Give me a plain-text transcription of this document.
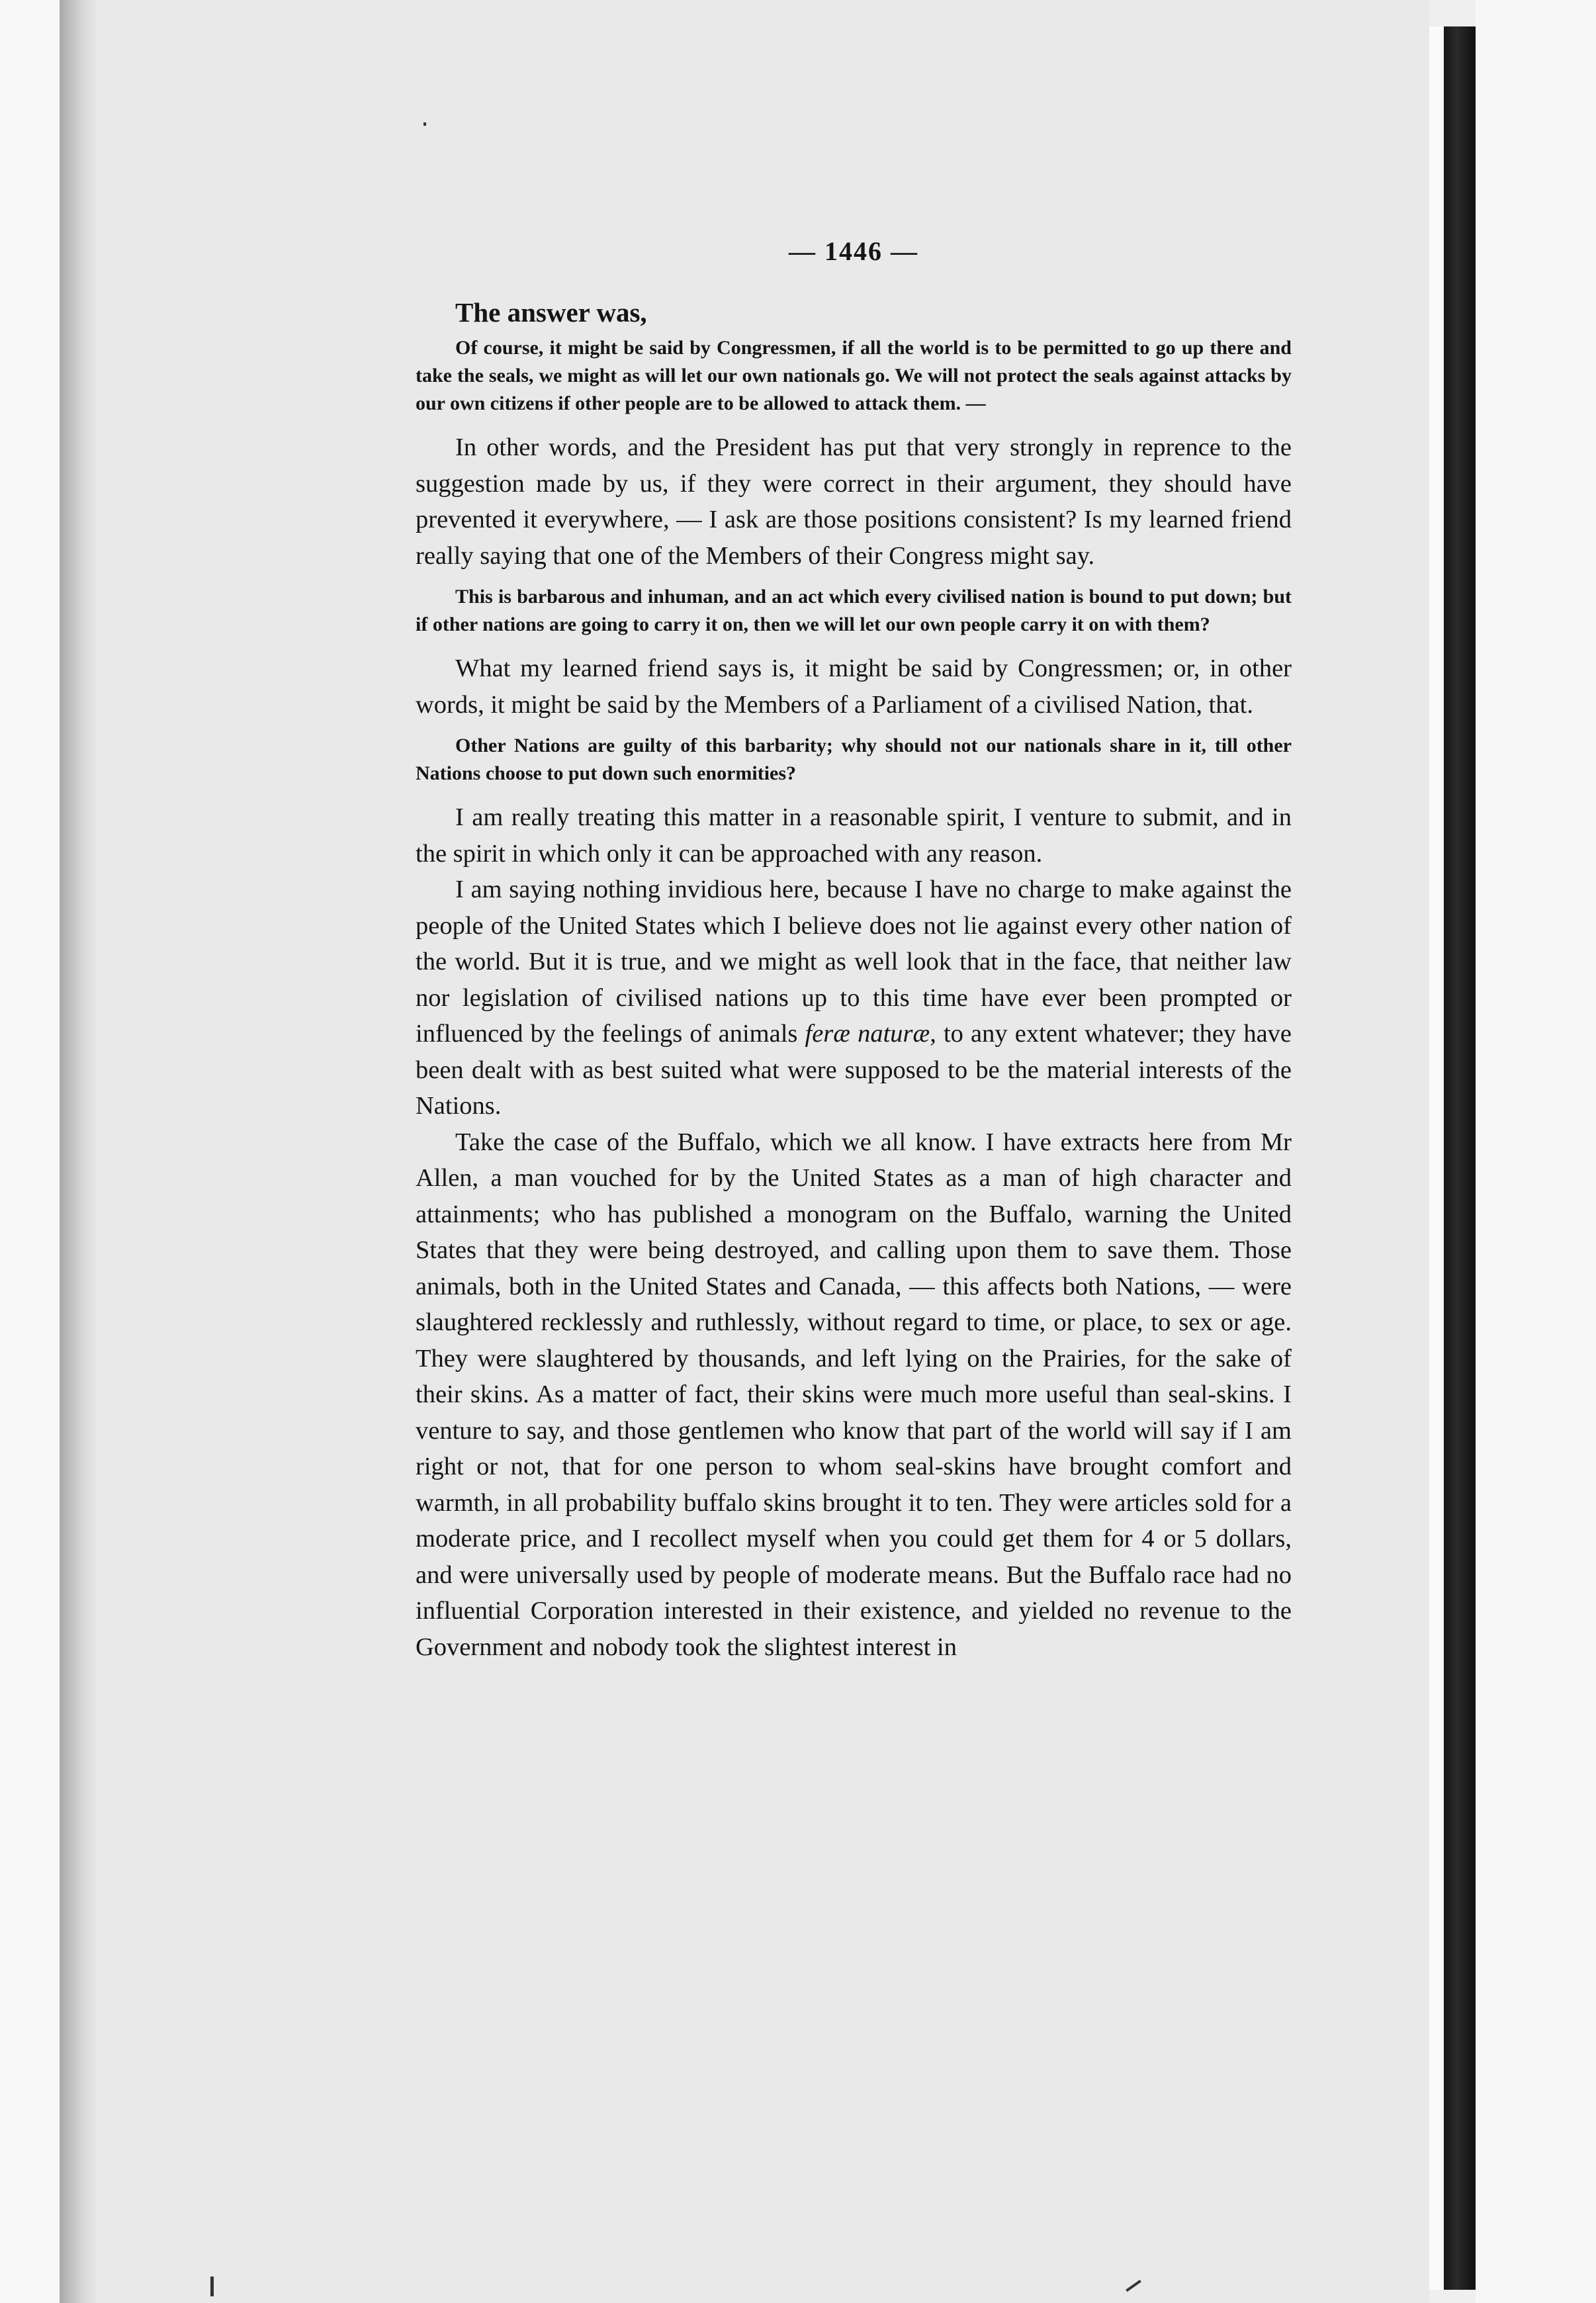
— 1446 —

The answer was,

Of course, it might be said by Congressmen, if all the world is to be permitted to go up there and take the seals, we might as will let our own nationals go. We will not protect the seals against attacks by our own citizens if other people are to be allowed to attack them. —

In other words, and the President has put that very strongly in reprence to the suggestion made by us, if they were correct in their argument, they should have prevented it everywhere, — I ask are those positions consistent? Is my learned friend really saying that one of the Members of their Congress might say.

This is barbarous and inhuman, and an act which every civilised nation is bound to put down; but if other nations are going to carry it on, then we will let our own people carry it on with them?

What my learned friend says is, it might be said by Congressmen; or, in other words, it might be said by the Members of a Parliament of a civilised Nation, that.

Other Nations are guilty of this barbarity; why should not our nationals share in it, till other Nations choose to put down such enormities?

I am really treating this matter in a reasonable spirit, I venture to submit, and in the spirit in which only it can be approached with any reason.

I am saying nothing invidious here, because I have no charge to make against the people of the United States which I believe does not lie against every other nation of the world. But it is true, and we might as well look that in the face, that neither law nor legislation of civilised nations up to this time have ever been prompted or influenced by the feelings of animals feræ naturæ, to any extent whatever; they have been dealt with as best suited what were supposed to be the material interests of the Nations.

Take the case of the Buffalo, which we all know. I have extracts here from Mr Allen, a man vouched for by the United States as a man of high character and attainments; who has published a monogram on the Buffalo, warning the United States that they were being destroyed, and calling upon them to save them. Those animals, both in the United States and Canada, — this affects both Nations, — were slaughtered recklessly and ruthlessly, without regard to time, or place, to sex or age. They were slaughtered by thousands, and left lying on the Prairies, for the sake of their skins. As a matter of fact, their skins were much more useful than seal-skins. I venture to say, and those gentlemen who know that part of the world will say if I am right or not, that for one person to whom seal-skins have brought comfort and warmth, in all probability buffalo skins brought it to ten. They were articles sold for a moderate price, and I recollect myself when you could get them for 4 or 5 dollars, and were universally used by people of moderate means. But the Buffalo race had no influential Corporation interested in their existence, and yielded no revenue to the Government and nobody took the slightest interest in
